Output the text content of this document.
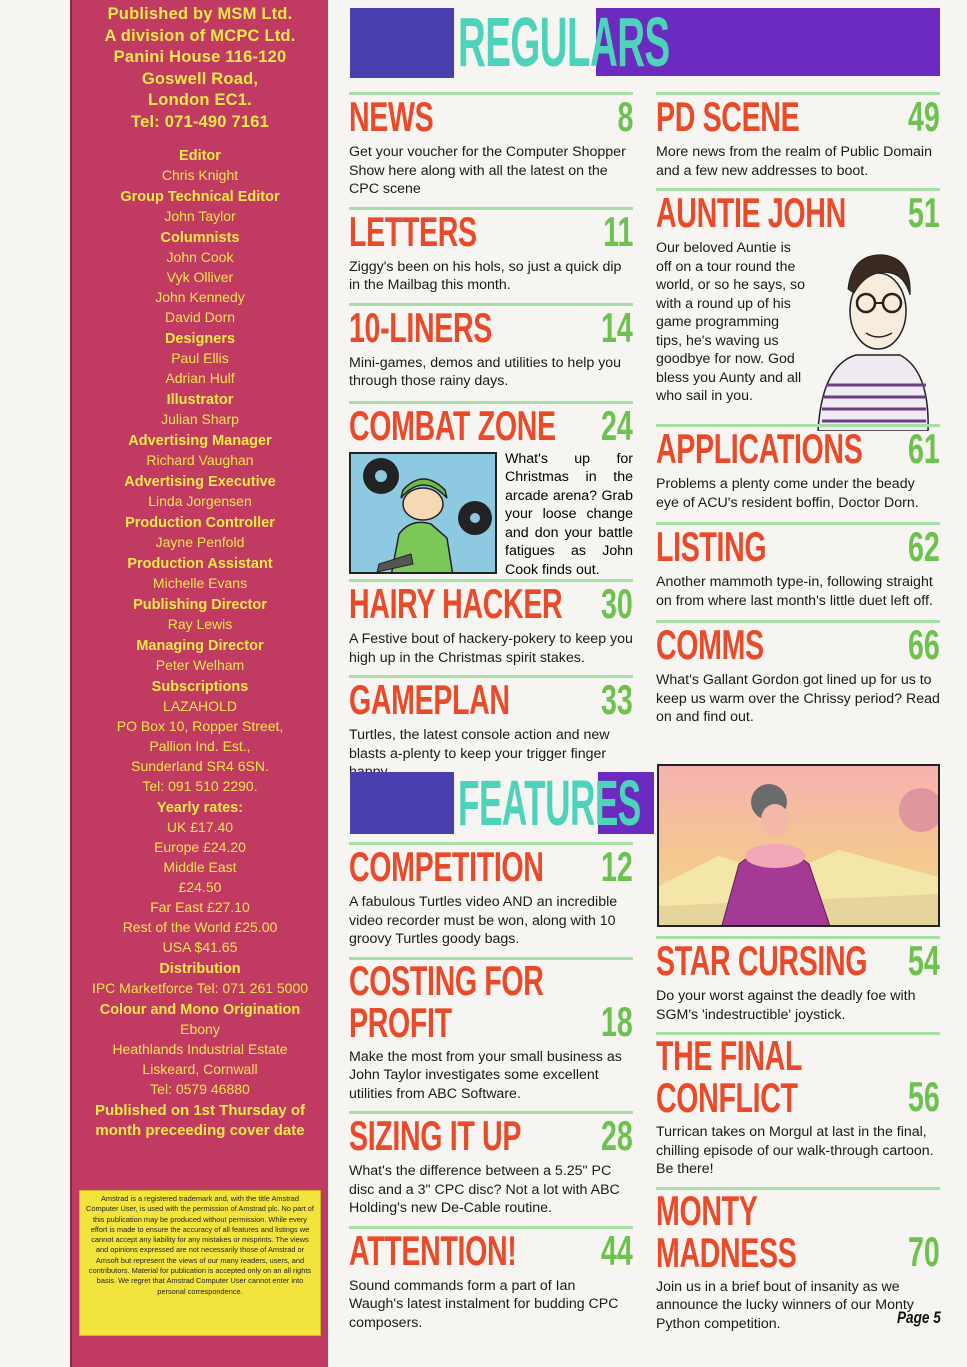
Published by MSM Ltd.
A division of MCPC Ltd.
Panini House 116-120
Goswell Road,
London EC1.
Tel: 071-490 7161
Editor
Chris Knight
Group Technical Editor
John Taylor
Columnists
John Cook
Vyk Olliver
John Kennedy
David Dorn
Designers
Paul Ellis
Adrian Hulf
Illustrator
Julian Sharp
Advertising Manager
Richard Vaughan
Advertising Executive
Linda Jorgensen
Production Controller
Jayne Penfold
Production Assistant
Michelle Evans
Publishing Director
Ray Lewis
Managing Director
Peter Welham
Subscriptions
LAZAHOLD
PO Box 10, Ropper Street,
Pallion Ind. Est.,
Sunderland SR4 6SN.
Tel: 091 510 2290.
Yearly rates:
UK £17.40
Europe £24.20
Middle East
£24.50
Far East £27.10
Rest of the World £25.00
USA $41.65
Distribution
IPC Marketforce Tel: 071 261 5000
Colour and Mono Origination
Ebony
Heathlands Industrial Estate
Liskeard, Cornwall
Tel: 0579 46880
Published on 1st Thursday of month preceeding cover date
Amstrad is a registered trademark and, with the title Amstrad Computer User, is used with the permission of Amstrad plc. No part of this publication may be produced without permission. While every effort is made to ensure the accuracy of all features and listings we cannot accept any liability for any mistakes or misprints. The views and opinions expressed are not necessarily those of Amstrad or Amsoft but represent the views of our many readers, users, and contributors. Material for publication is accepted only on an all rights basis. We regret that Amstrad Computer User cannot enter into personal correspondence.
REGULARS
NEWS	8
Get your voucher for the Computer Shopper Show here along with all the latest on the CPC scene
LETTERS	11
Ziggy's been on his hols, so just a quick dip in the Mailbag this month.
10-LINERS	14
Mini-games, demos and utilities to help you through those rainy days.
COMBAT ZONE 24
What's up for Christmas in the arcade arena? Grab your loose change and don your battle fatigues as John Cook finds out.
HAIRY HACKER 30
A Festive bout of hackery-pokery to keep you high up in the Christmas spirit stakes.
GAMEPLAN 33
Turtles, the latest console action and new blasts a-plenty to keep your trigger finger
FEATURES
COMPETITION 12
A fabulous Turtles video AND an incredible video recorder must be won, along with 10 groovy Turtles goody bags.
COSTING FOR
PROFIT	18
Make the most from your small business as John Taylor investigates some excellent utilities from ABC Software.
SIZING IT UP 28
What's the difference between a 5.25" PC disc and a 3" CPC disc? Not a lot with ABC Holding's new De-Cable routine.
ATTENTION! 44
Sound commands form a part of Ian Waugh's latest instalment for budding CPC composers.
PD SCENE	49
More news from the realm of Public Domain and a few new addresses to boot.
AUNTIE JOHN 51
Our beloved Auntie is off on a tour round the world, or so he says, so with a round up of his game programming tips, he's waving us goodbye for now. God bless you Aunty and all who sail in you.
APPLICATIONS 61
Problems a plenty come under the beady eye of ACU's resident boffin, Doctor Dorn.
LISTING	62
Another mammoth type-in, following straight on from where last month's little duet left off.
COMMS	66
What's Gallant Gordon got lined up for us to keep us warm over the Chrissy period? Read on and find out.
STAR CURSING 54
Do your worst against the deadly foe with SGM's 'indestructible' joystick.
THE FINAL
CONFLICT	56
Turrican takes on Morgul at last in the final, chilling episode of our walk-through cartoon. Be there!
MONTY
MADNESS	70
Join us in a brief bout of insanity as we announce the lucky winners of our Monty Python competition.	Page 5
